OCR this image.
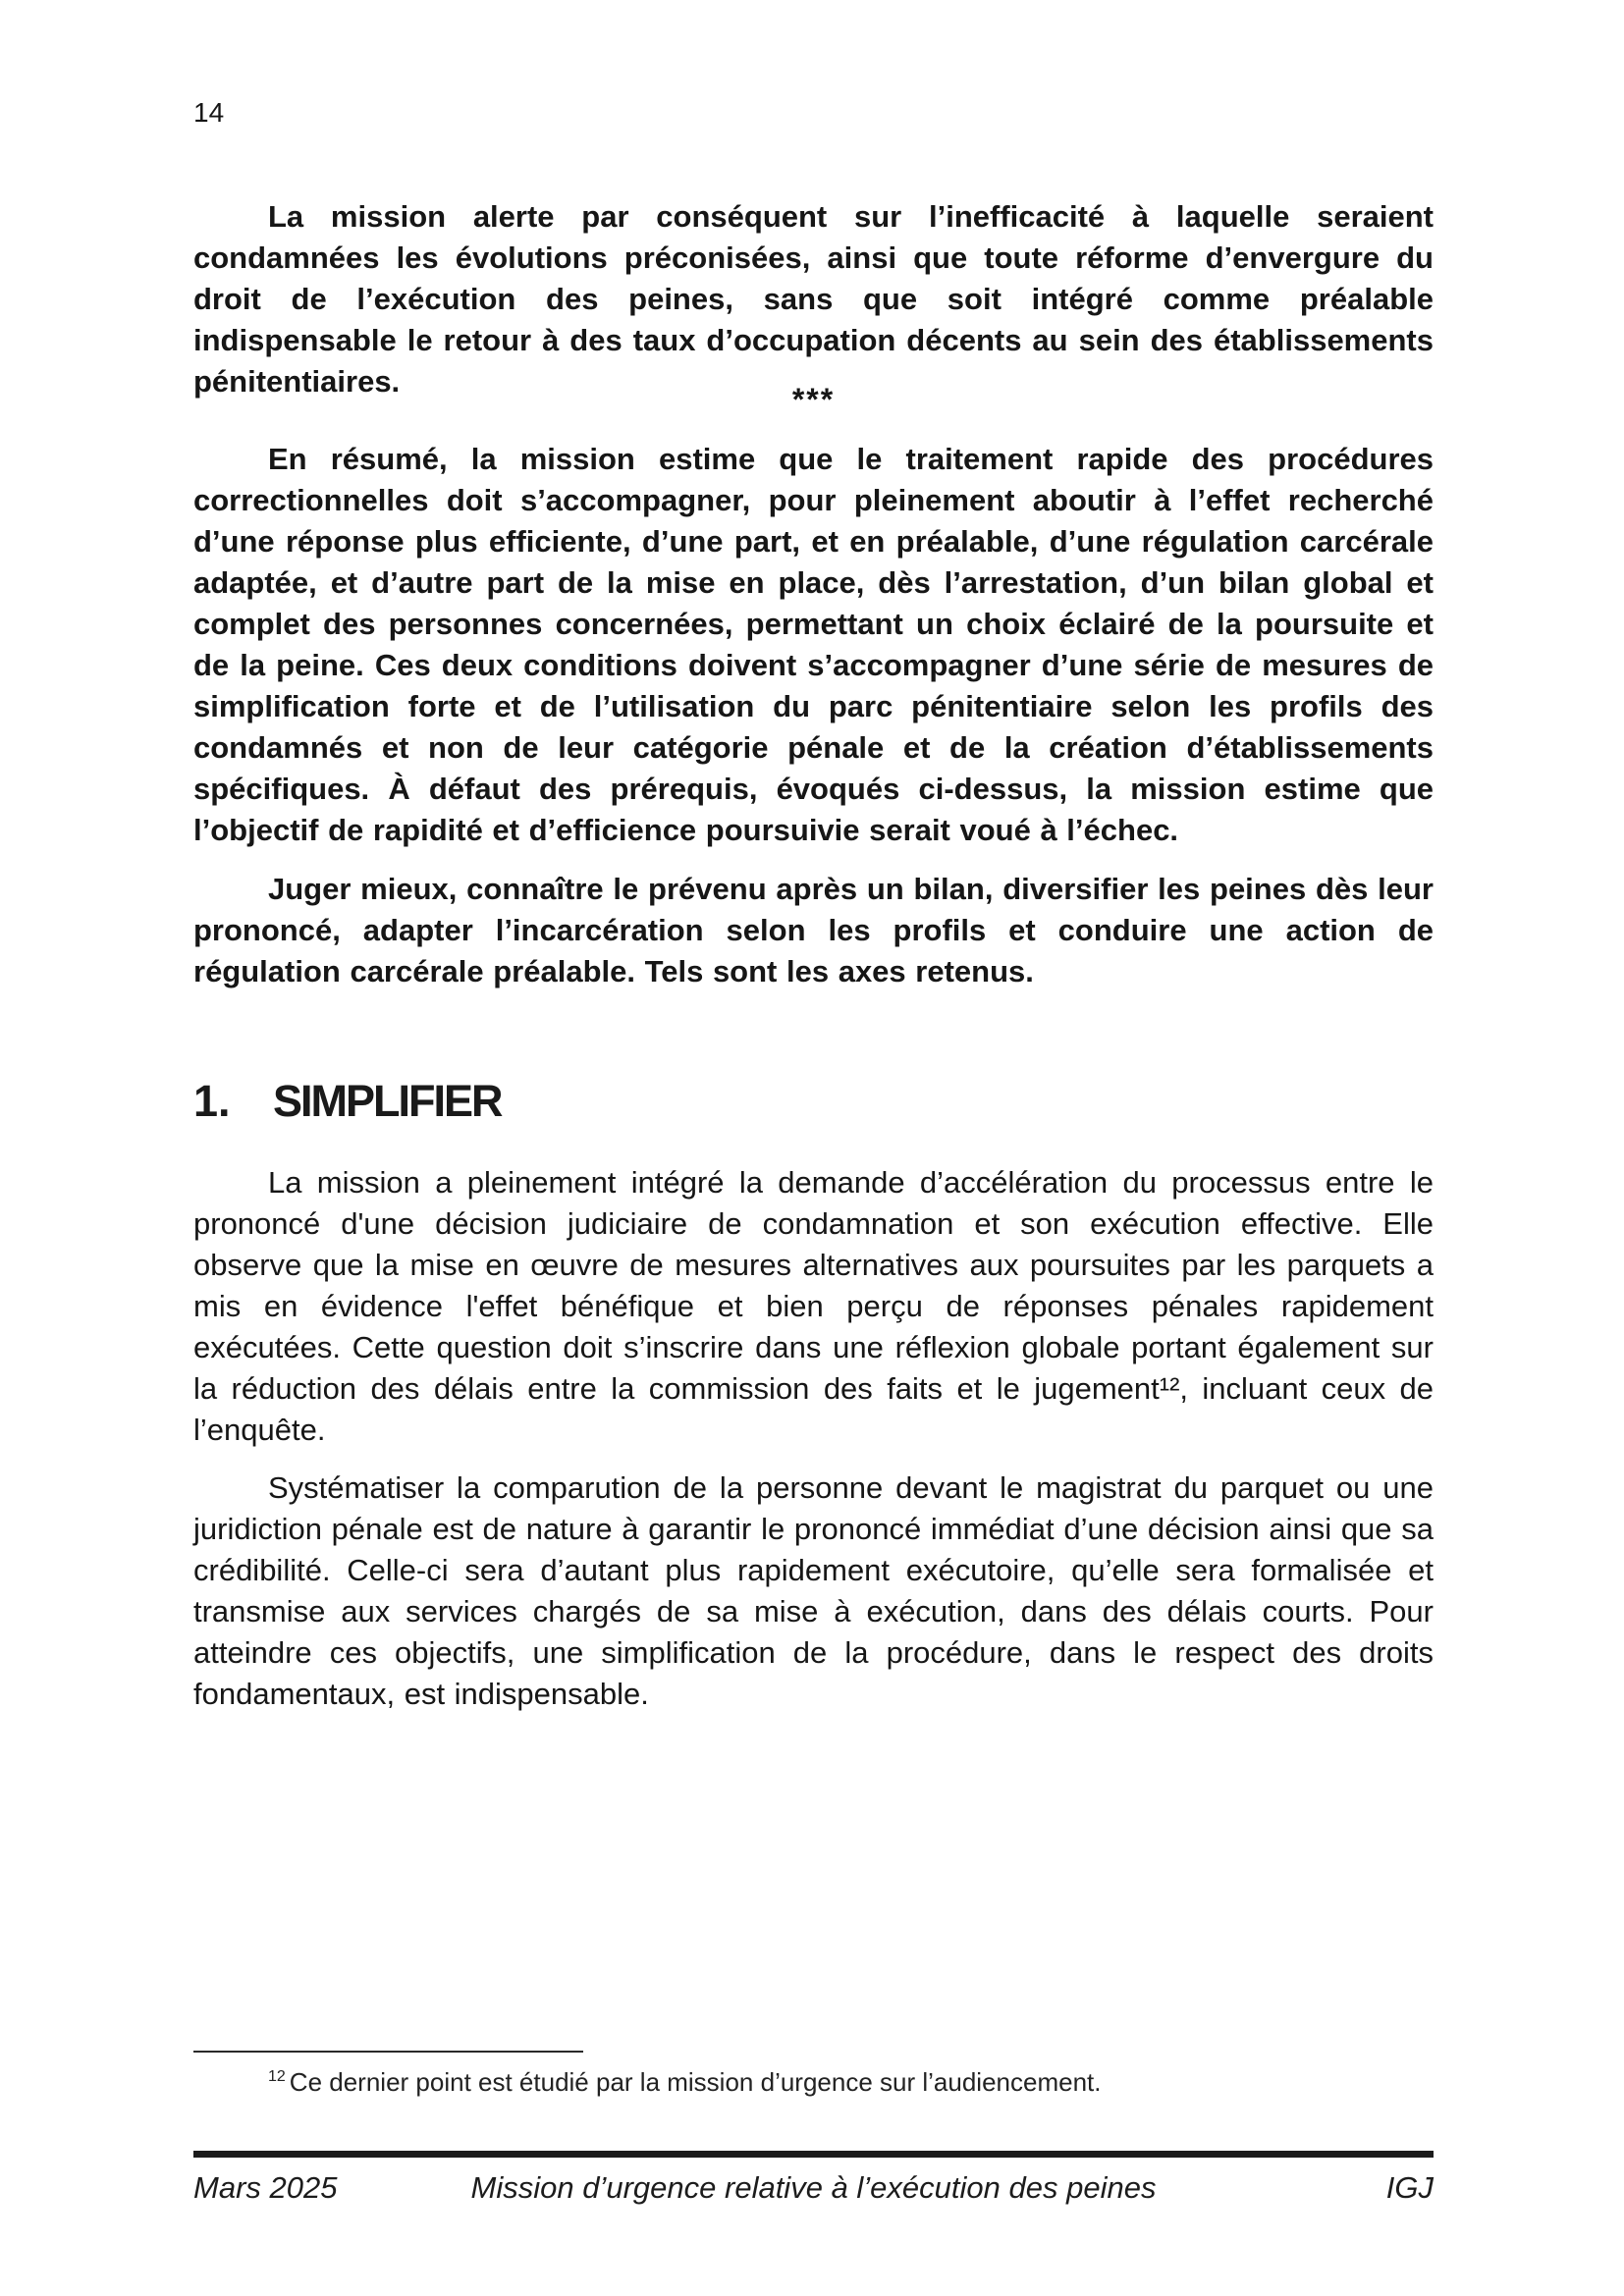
14

La mission alerte par conséquent sur l’inefficacité à laquelle seraient condamnées les évolutions préconisées, ainsi que toute réforme d’envergure du droit de l’exécution des peines, sans que soit intégré comme préalable indispensable le retour à des taux d’occupation décents au sein des établissements pénitentiaires.

***

En résumé, la mission estime que le traitement rapide des procédures correctionnelles doit s’accompagner, pour pleinement aboutir à l’effet recherché d’une réponse plus efficiente, d’une part, et en préalable, d’une régulation carcérale adaptée, et d’autre part de la mise en place, dès l’arrestation, d’un bilan global et complet des personnes concernées, permettant un choix éclairé de la poursuite et de la peine. Ces deux conditions doivent s’accompagner d’une série de mesures de simplification forte et de l’utilisation du parc pénitentiaire selon les profils des condamnés et non de leur catégorie pénale et de la création d’établissements spécifiques. À défaut des prérequis, évoqués ci-dessus, la mission estime que l’objectif de rapidité et d’efficience poursuivie serait voué à l’échec.

Juger mieux, connaître le prévenu après un bilan, diversifier les peines dès leur prononcé, adapter l’incarcération selon les profils et conduire une action de régulation carcérale préalable. Tels sont les axes retenus.

1. SIMPLIFIER

La mission a pleinement intégré la demande d’accélération du processus entre le prononcé d'une décision judiciaire de condamnation et son exécution effective. Elle observe que la mise en œuvre de mesures alternatives aux poursuites par les parquets a mis en évidence l'effet bénéfique et bien perçu de réponses pénales rapidement exécutées. Cette question doit s’inscrire dans une réflexion globale portant également sur la réduction des délais entre la commission des faits et le jugement¹², incluant ceux de l’enquête.

Systématiser la comparution de la personne devant le magistrat du parquet ou une juridiction pénale est de nature à garantir le prononcé immédiat d’une décision ainsi que sa crédibilité. Celle-ci sera d’autant plus rapidement exécutoire, qu’elle sera formalisée et transmise aux services chargés de sa mise à exécution, dans des délais courts. Pour atteindre ces objectifs, une simplification de la procédure, dans le respect des droits fondamentaux, est indispensable.

$^{12}$ Ce dernier point est étudié par la mission d’urgence sur l’audiencement.

Mars 2025	Mission d’urgence relative à l’exécution des peines	IGJ
